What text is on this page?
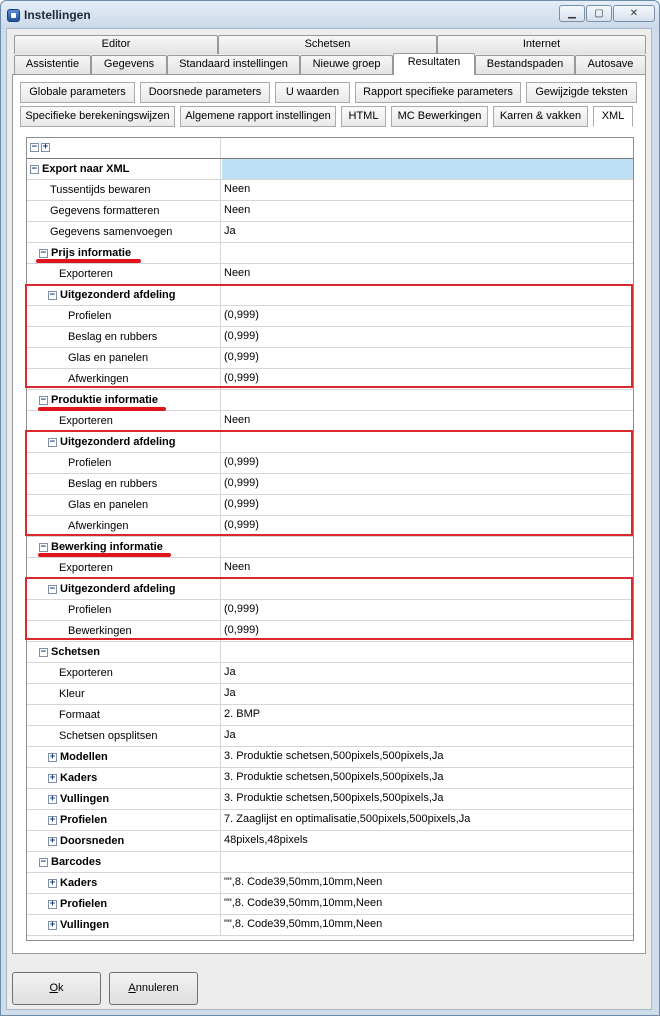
Instellingen	▁	▢	✕
Editor	Schetsen	Internet
Assistentie	Gegevens	Standaard instellingen	Nieuwe groep	Resultaten	Bestandspaden	Autosave
Globale parameters	Doorsnede parameters	U waarden	Rapport specifieke parameters	Gewijzigde teksten
Specifieke berekeningswijzen	Algemene rapport instellingen	HTML	MC Bewerkingen	Karren & vakken	XML
− +
− Export naar XML
Tussentijds bewaren	Neen
Gegevens formatteren	Neen
Gegevens samenvoegen	Ja
− Prijs informatie
Exporteren	Neen
− Uitgezonderd afdeling
Profielen	(0,999)
Beslag en rubbers	(0,999)
Glas en panelen	(0,999)
Afwerkingen	(0,999)
− Produktie informatie
Exporteren	Neen
− Uitgezonderd afdeling
Profielen	(0,999)
Beslag en rubbers	(0,999)
Glas en panelen	(0,999)
Afwerkingen	(0,999)
− Bewerking informatie
Exporteren	Neen
− Uitgezonderd afdeling
Profielen	(0,999)
Bewerkingen	(0,999)
− Schetsen
Exporteren	Ja
Kleur	Ja
Formaat	2. BMP
Schetsen opsplitsen	Ja
+ Modellen	3. Produktie schetsen,500pixels,500pixels,Ja
+ Kaders	3. Produktie schetsen,500pixels,500pixels,Ja
+ Vullingen	3. Produktie schetsen,500pixels,500pixels,Ja
+ Profielen	7. Zaaglijst en optimalisatie,500pixels,500pixels,Ja
+ Doorsneden	48pixels,48pixels
− Barcodes
+ Kaders	"",8. Code39,50mm,10mm,Neen
+ Profielen	"",8. Code39,50mm,10mm,Neen
+ Vullingen	"",8. Code39,50mm,10mm,Neen
Ok	Annuleren
